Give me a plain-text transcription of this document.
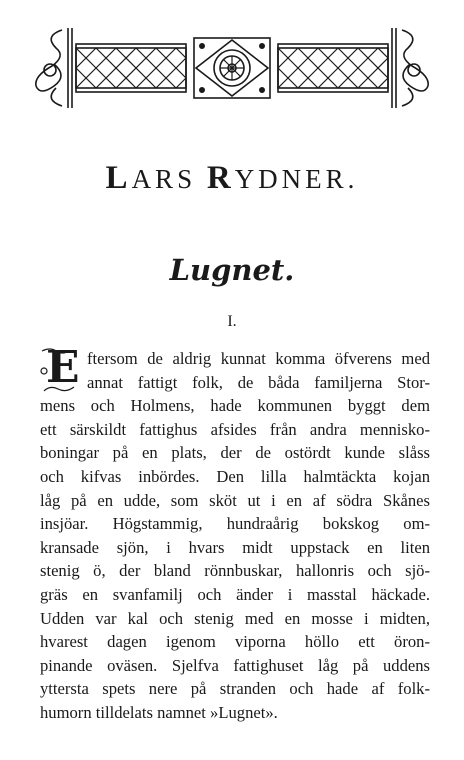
LARS RYDNER.
Lugnet.
I.
E ftersom de aldrig kunnat komma öfverens med
annat fattigt folk, de båda familjerna Stor-
mens och Holmens, hade kommunen byggt dem
ett särskildt fattighus afsides från andra mennisko-
boningar på en plats, der de ostördt kunde slåss
och kifvas inbördes. Den lilla halmtäckta kojan
låg på en udde, som sköt ut i en af södra Skånes
insjöar. Högstammig, hundraårig bokskog om-
kransade sjön, i hvars midt uppstack en liten
stenig ö, der bland rönnbuskar, hallonris och sjö-
gräs en svanfamilj och änder i masstal häckade.
Udden var kal och stenig med en mosse i midten,
hvarest dagen igenom viporna höllo ett öron-
pinande oväsen. Sjelfva fattighuset låg på uddens
yttersta spets nere på stranden och hade af folk-
humorn tilldelats namnet »Lugnet».
